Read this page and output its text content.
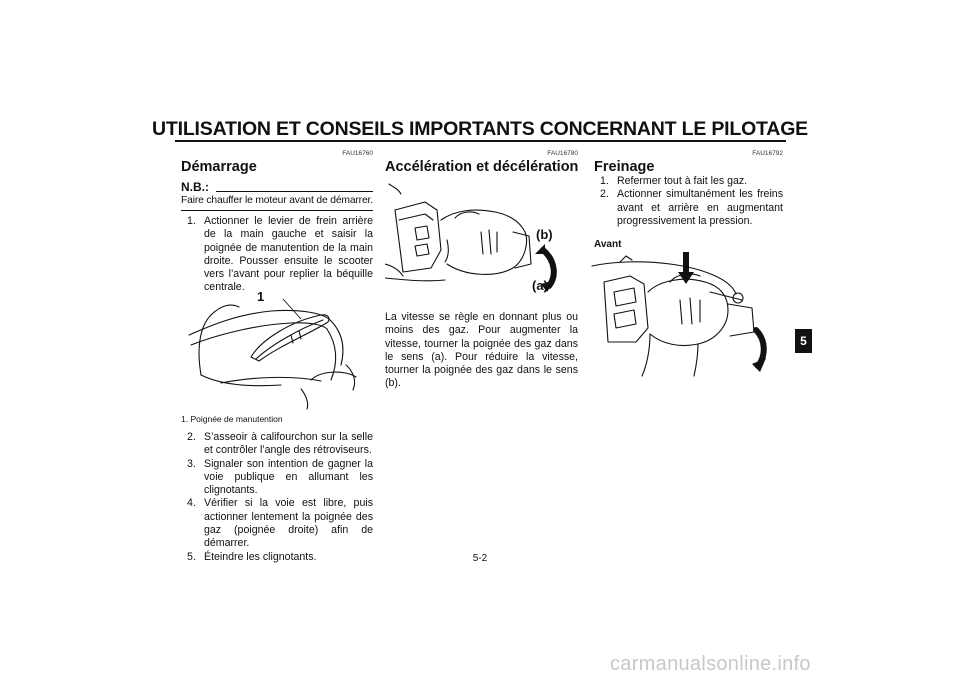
UTILISATION ET CONSEILS IMPORTANTS CONCERNANT LE PILOTAGE
FAU16760
Démarrage
N.B.:
Faire chauffer le moteur avant de démarrer.
1. Actionner le levier de frein arrière de la main gauche et saisir la poignée de manutention de la main droite. Pousser ensuite le scooter vers l’avant pour replier la béquille centrale.
1
1. Poignée de manutention
2. S’asseoir à califourchon sur la selle et contrôler l’angle des rétroviseurs.
3. Signaler son intention de gagner la voie publique en allumant les clignotants.
4. Vérifier si la voie est libre, puis actionner lentement la poignée des gaz (poignée droite) afin de démarrer.
5. Éteindre les clignotants.
FAU16780
Accélération et décélération
(b)
(a)
La vitesse se règle en donnant plus ou moins des gaz. Pour augmenter la vitesse, tourner la poignée des gaz dans le sens (a). Pour réduire la vitesse, tourner la poignée des gaz dans le sens (b).
FAU16792
Freinage
1. Refermer tout à fait les gaz.
2. Actionner simultanément les freins avant et arrière en augmentant progressivement la pression.
Avant
5
5-2
carmanualsonline.info
